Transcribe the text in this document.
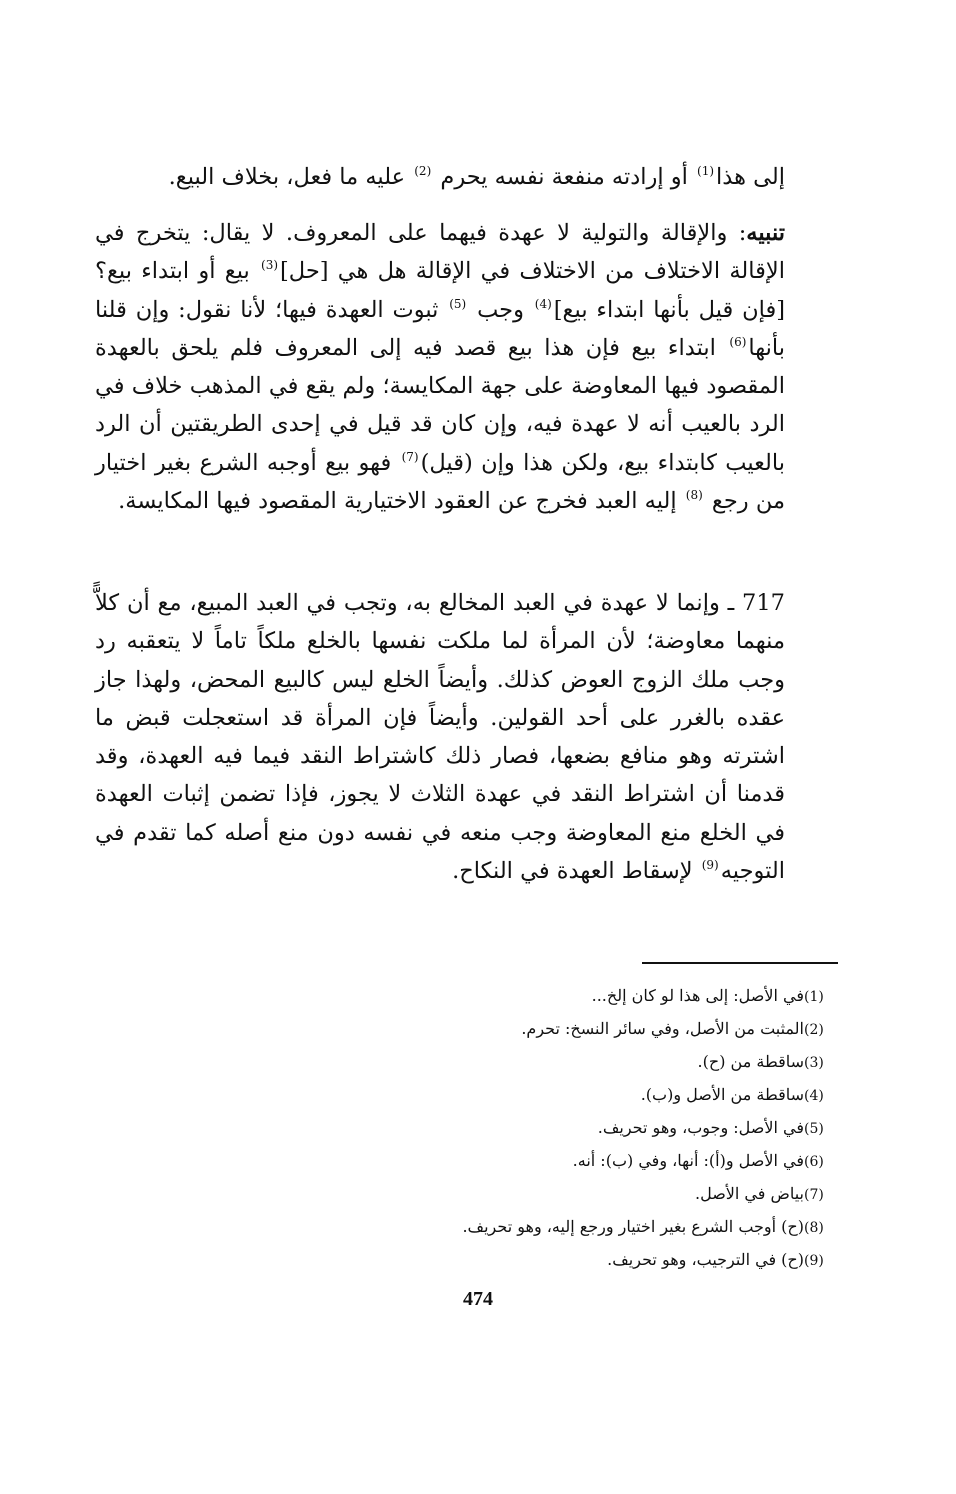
إلى هذا$^{(1)}$ أو إرادته منفعة نفسه يحرم $^{(2)}$ عليه ما فعل، بخلاف البيع.

تنبيه: والإقالة والتولية لا عهدة فيهما على المعروف. لا يقال: يتخرج في الإقالة الاختلاف من الاختلاف في الإقالة هل هي [حل]$^{(3)}$ بيع أو ابتداء بيع؟ [فإن قيل بأنها ابتداء بيع]$^{(4)}$ وجب $^{(5)}$ ثبوت العهدة فيها؛ لأنا نقول: وإن قلنا بأنها$^{(6)}$ ابتداء بيع فإن هذا بيع قصد فيه إلى المعروف فلم يلحق بالعهدة المقصود فيها المعاوضة على جهة المكايسة؛ ولم يقع في المذهب خلاف في الرد بالعيب أنه لا عهدة فيه، وإن كان قد قيل في إحدى الطريقتين أن الرد بالعيب كابتداء بيع، ولكن هذا وإن (قيل)$^{(7)}$ فهو بيع أوجبه الشرع بغير اختيار من رجع $^{(8)}$ إليه العبد فخرج عن العقود الاختيارية المقصود فيها المكايسة.

717 ـ وإنما لا عهدة في العبد المخالع به، وتجب في العبد المبيع، مع أن كلاًّ منهما معاوضة؛ لأن المرأة لما ملكت نفسها بالخلع ملكاً تاماً لا يتعقبه رد وجب ملك الزوج العوض كذلك. وأيضاً الخلع ليس كالبيع المحض، ولهذا جاز عقده بالغرر على أحد القولين. وأيضاً فإن المرأة قد استعجلت قبض ما اشترته وهو منافع بضعها، فصار ذلك كاشتراط النقد فيما فيه العهدة، وقد قدمنا أن اشتراط النقد في عهدة الثلاث لا يجوز، فإذا تضمن إثبات العهدة في الخلع منع المعاوضة وجب منعه في نفسه دون منع أصله كما تقدم في التوجيه$^{(9)}$ لإسقاط العهدة في النكاح.

(1)في الأصل: إلى هذا لو كان إلخ...
(2)المثبت من الأصل، وفي سائر النسخ: تحرم.
(3)ساقطة من (ح).
(4)ساقطة من الأصل و(ب).
(5)في الأصل: وجوب، وهو تحريف.
(6)في الأصل و(أ): أنها، وفي (ب): أنه.
(7)بياض في الأصل.
(8)(ح) أوجب الشرع بغير اختيار ورجع إليه، وهو تحريف.
(9)(ح) في الترجيب، وهو تحريف.
474
